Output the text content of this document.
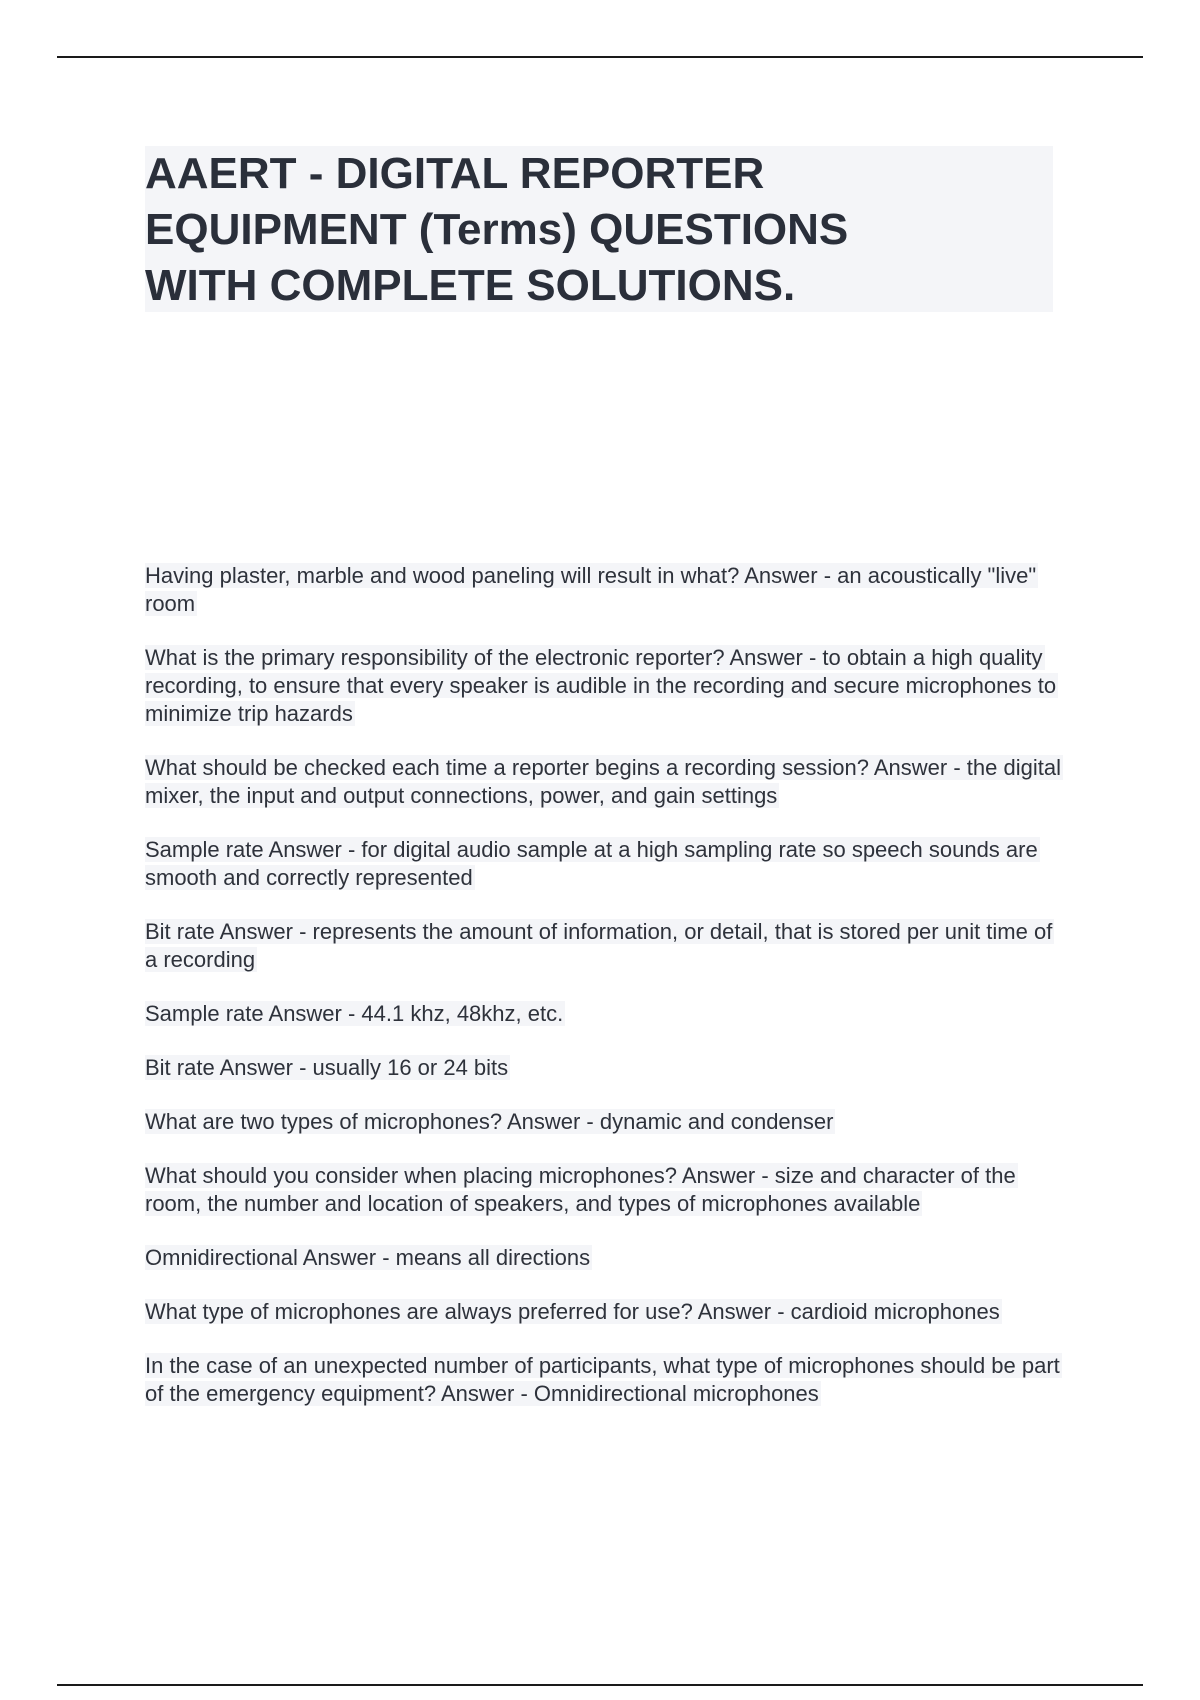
AAERT - DIGITAL REPORTER
EQUIPMENT (Terms) QUESTIONS
WITH COMPLETE SOLUTIONS.

Having plaster, marble and wood paneling will result in what? Answer - an acoustically "live" room

What is the primary responsibility of the electronic reporter? Answer - to obtain a high quality recording, to ensure that every speaker is audible in the recording and secure microphones to minimize trip hazards

What should be checked each time a reporter begins a recording session? Answer - the digital mixer, the input and output connections, power, and gain settings

Sample rate Answer - for digital audio sample at a high sampling rate so speech sounds are smooth and correctly represented

Bit rate Answer - represents the amount of information, or detail, that is stored per unit time of a recording

Sample rate Answer - 44.1 khz, 48khz, etc.

Bit rate Answer - usually 16 or 24 bits

What are two types of microphones? Answer - dynamic and condenser

What should you consider when placing microphones? Answer - size and character of the room, the number and location of speakers, and types of microphones available

Omnidirectional Answer - means all directions

What type of microphones are always preferred for use? Answer - cardioid microphones

In the case of an unexpected number of participants, what type of microphones should be part of the emergency equipment? Answer - Omnidirectional microphones
